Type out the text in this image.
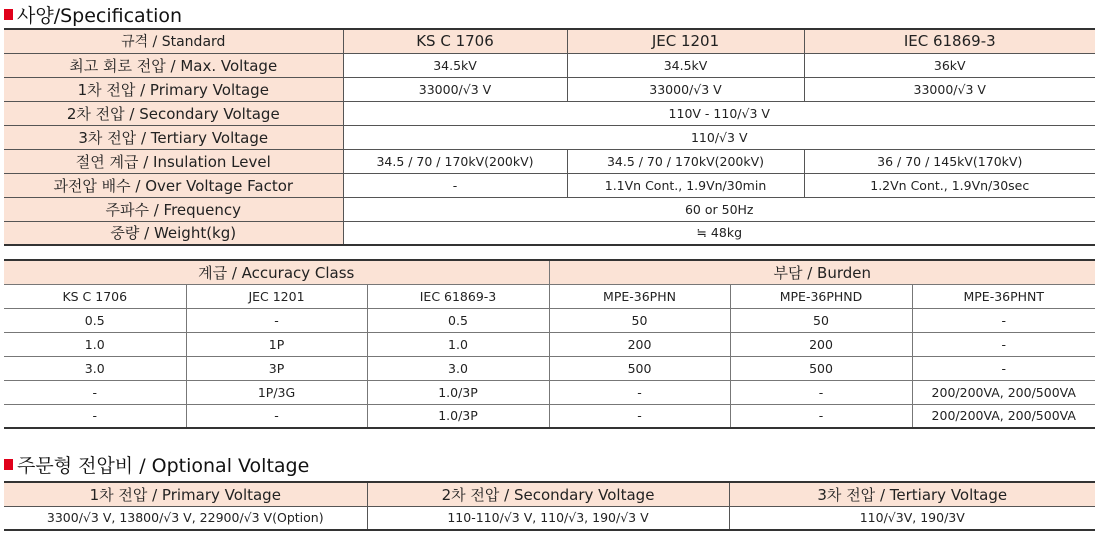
사양/Specification
규격 / Standard	KS C 1706	JEC 1201	IEC 61869-3
최고 회로 전압 / Max. Voltage	34.5kV	34.5kV	36kV
1차 전압 / Primary Voltage	33000/√3 V	33000/√3 V	33000/√3 V
2차 전압 / Secondary Voltage	110V - 110/√3 V		
3차 전압 / Tertiary Voltage	110/√3 V		
절연 계급 / Insulation Level	34.5 / 70 / 170kV(200kV)	34.5 / 70 / 170kV(200kV)	36 / 70 / 145kV(170kV)
과전압 배수 / Over Voltage Factor	-	1.1Vn Cont., 1.9Vn/30min	1.2Vn Cont., 1.9Vn/30sec
주파수 / Frequency	60 or 50Hz		
중량 / Weight(kg)	≒ 48kg		
계급 / Accuracy Class			부담 / Burden		
KS C 1706	JEC 1201	IEC 61869-3	MPE-36PHN	MPE-36PHND	MPE-36PHNT
0.5	-	0.5	50	50	-
1.0	1P	1.0	200	200	-
3.0	3P	3.0	500	500	-
-	1P/3G	1.0/3P	-	-	200/200VA, 200/500VA
-	-	1.0/3P	-	-	200/200VA, 200/500VA
주문형 전압비 / Optional Voltage
1차 전압 / Primary Voltage	2차 전압 / Secondary Voltage	3차 전압 / Tertiary Voltage
3300/√3 V, 13800/√3 V, 22900/√3 V(Option)	110-110/√3 V, 110/√3, 190/√3 V	110/√3V, 190/3V
